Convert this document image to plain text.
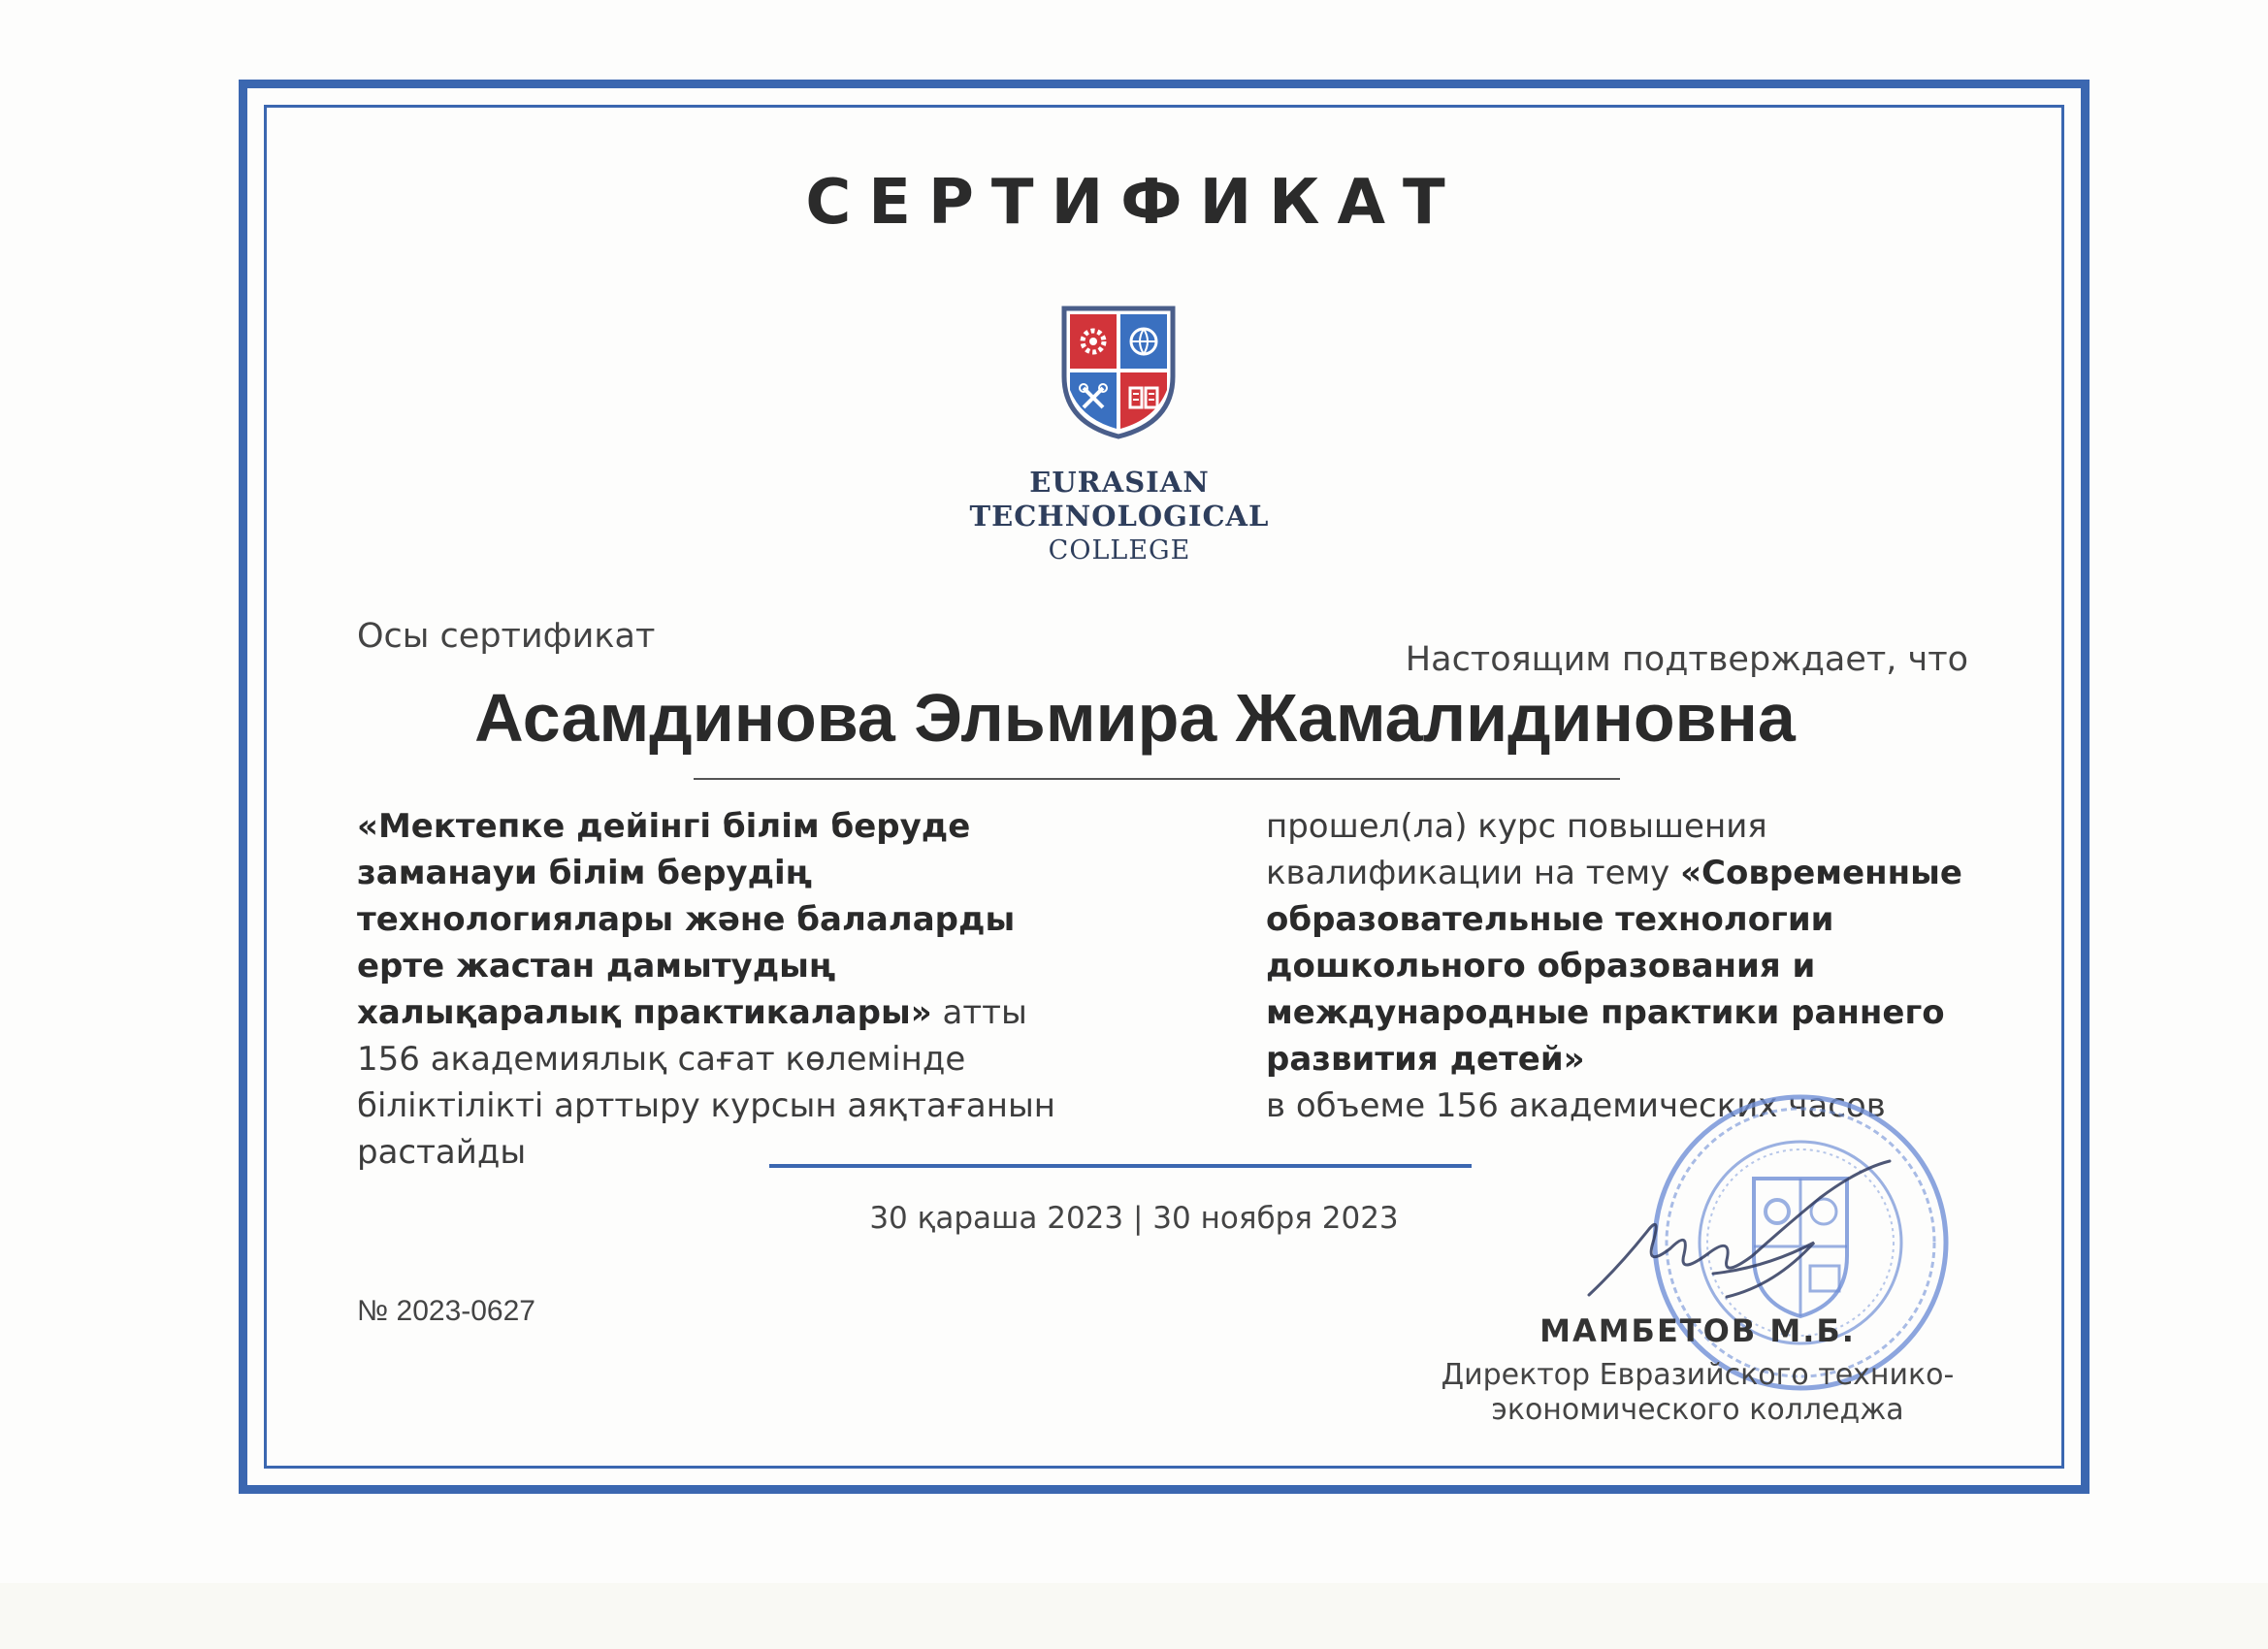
СЕРТИФИКАТ
EURASIAN
TECHNOLOGICAL
COLLEGE
Осы сертификат
Настоящим подтверждает, что
Асамдинова Эльмира Жамалидиновна
«Мектепке дейінгі білім беруде заманауи білім берудің технологиялары және балаларды ерте жастан дамытудың халықаралық практикалары» атты 156 академиялық сағат көлемінде біліктілікті арттыру курсын аяқтағанын растайды
прошел(ла) курс повышения квалификации на тему «Современные образовательные технологии дошкольного образования и международные практики раннего развития детей»
в объеме 156 академических часов
30 қараша 2023 | 30 ноября 2023
№ 2023-0627
МАМБЕТОВ М.Б.
Директор Евразийского технико-экономического колледжа
